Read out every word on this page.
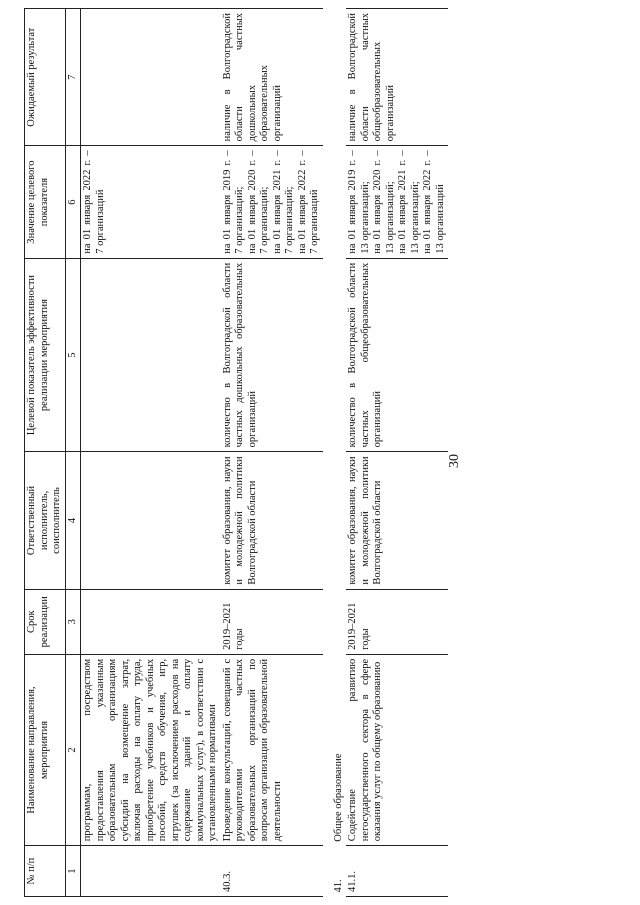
30
№ п/п	Наименование направления, мероприятия	Срок реализации	Ответственный исполнитель, соисполнитель	Целевой показатель эффективности реализации мероприятия	Значение целевого показателя	Ожидаемый результат
1	2	3	4	5	6	7
	программам, посредством предоставления указанным образовательным организациям субсидий на возмещение затрат, включая расходы на оплату труда, приобретение учебников и учебных пособий, средств обучения, игр, игрушек (за исключением расходов на содержание зданий и оплату коммунальных услуг), в соответствии с установленными нормативами				на 01 января 2022 г. – 7 организаций	

40.3.	Проведение консультаций, совещаний с руководителями частных образовательных организаций по вопросам организации образовательной деятельности	2019–2021 годы	комитет образования, науки и молодежной политики Волгоградской области	количество в Волгоградской области частных дошкольных образовательных организаций	на 01 января 2019 г. – 7 организаций; на 01 января 2020 г. – 7 организаций; на 01 января 2021 г. – 7 организаций; на 01 января 2022 г. – 7 организаций	наличие в Волгоградской области частных дошкольных образовательных организаций
41.	Общее образование					
41.1.	Содействие развитию негосударственного сектора в сфере оказания услуг по общему образованию	2019–2021 годы	комитет образования, науки и молодежной политики Волгоградской области	количество в Волгоградской области частных общеобразовательных организаций	на 01 января 2019 г. – 13 организаций; на 01 января 2020 г. – 13 организаций; на 01 января 2021 г. – 13 организаций; на 01 января 2022 г. – 13 организаций	наличие в Волгоградской области частных общеобразовательных организаций
